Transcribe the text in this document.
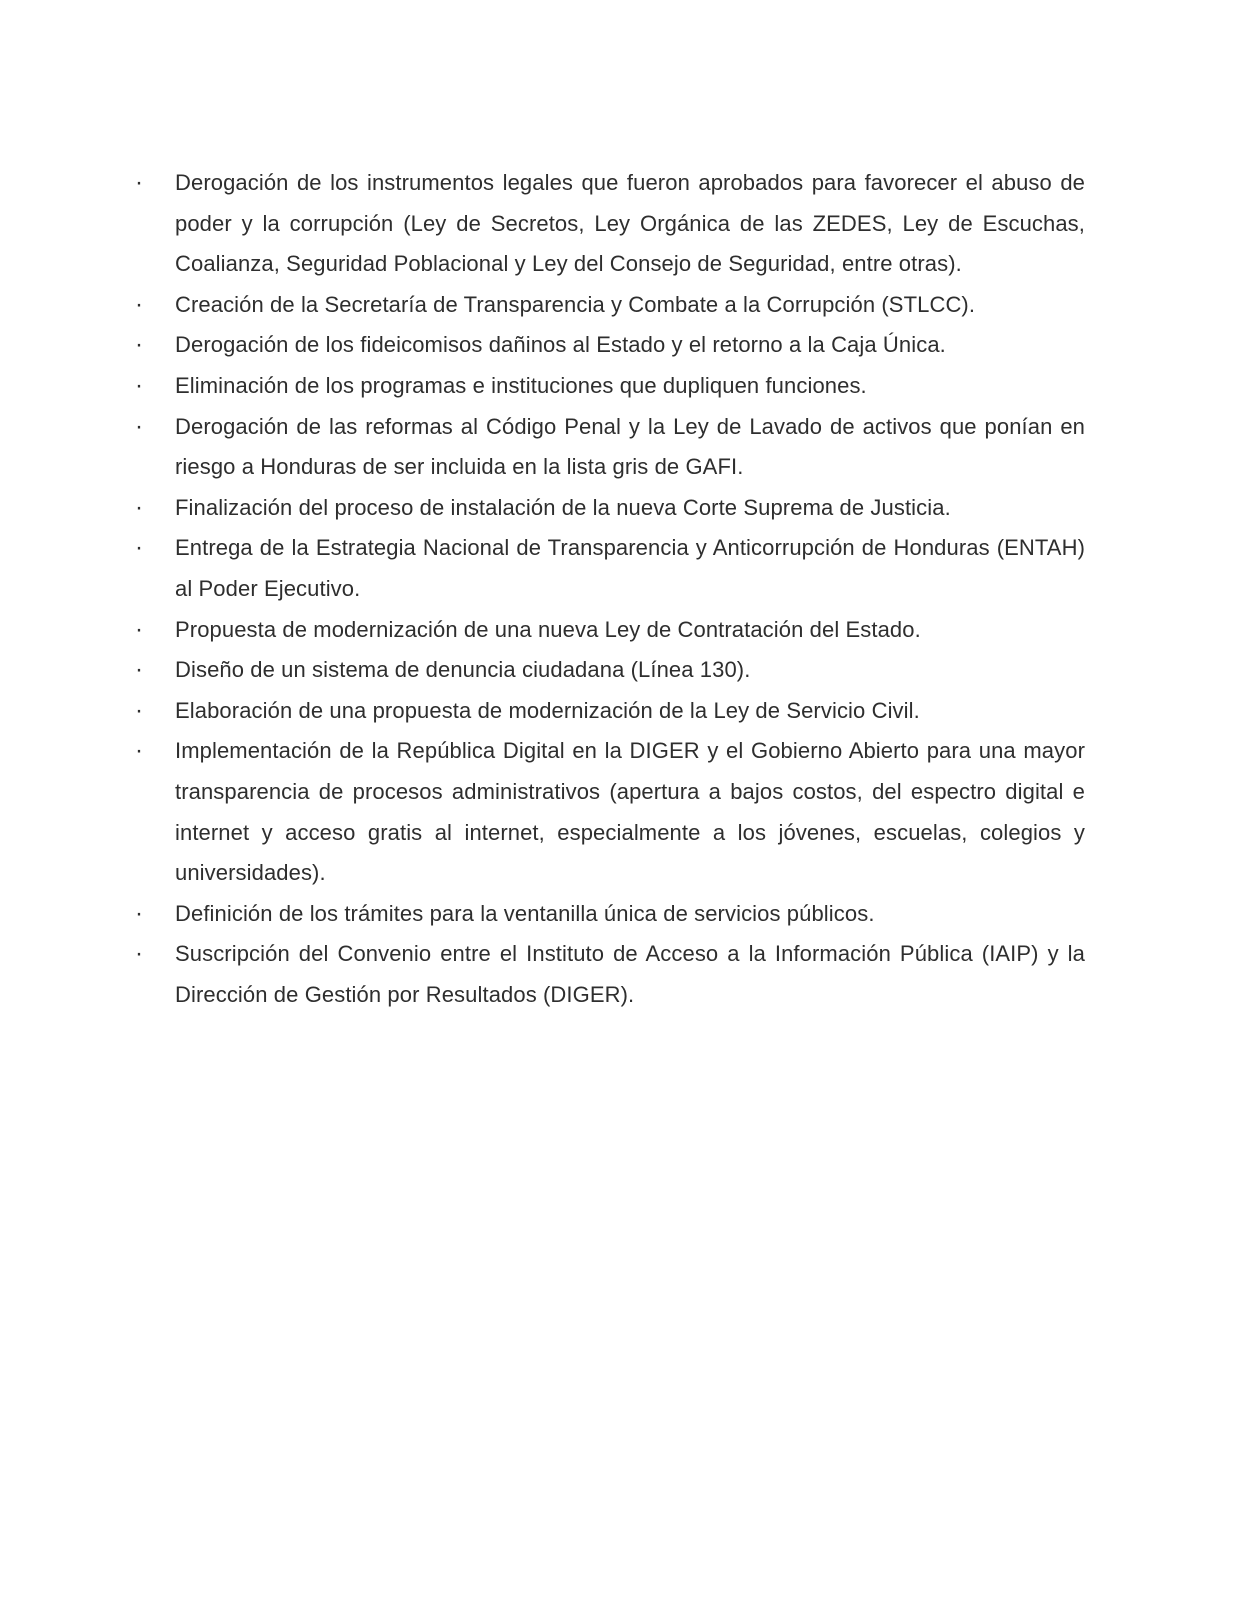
·	Derogación de los instrumentos legales que fueron aprobados para favorecer el abuso de poder y la corrupción (Ley de Secretos, Ley Orgánica de las ZEDES, Ley de Escuchas, Coalianza, Seguridad Poblacional y Ley del Consejo de Seguridad, entre otras).
·	Creación de la Secretaría de Transparencia y Combate a la Corrupción (STLCC).
·	Derogación de los fideicomisos dañinos al Estado y el retorno a la Caja Única.
·	Eliminación de los programas e instituciones que dupliquen funciones.
·	Derogación de las reformas al Código Penal y la Ley de Lavado de activos que ponían en riesgo a Honduras de ser incluida en la lista gris de GAFI.
·	Finalización del proceso de instalación de la nueva Corte Suprema de Justicia.
·	Entrega de la Estrategia Nacional de Transparencia y Anticorrupción de Honduras (ENTAH) al Poder Ejecutivo.
·	Propuesta de modernización de una nueva Ley de Contratación del Estado.
·	Diseño de un sistema de denuncia ciudadana (Línea 130).
·	Elaboración de una propuesta de modernización de la Ley de Servicio Civil.
·	Implementación de la República Digital en la DIGER y el Gobierno Abierto para una mayor transparencia de procesos administrativos (apertura a bajos costos, del espectro digital e internet y acceso gratis al internet, especialmente a los jóvenes, escuelas, colegios y universidades).
·	Definición de los trámites para la ventanilla única de servicios públicos.
·	Suscripción del Convenio entre el Instituto de Acceso a la Información Pública (IAIP) y la Dirección de Gestión por Resultados (DIGER).
